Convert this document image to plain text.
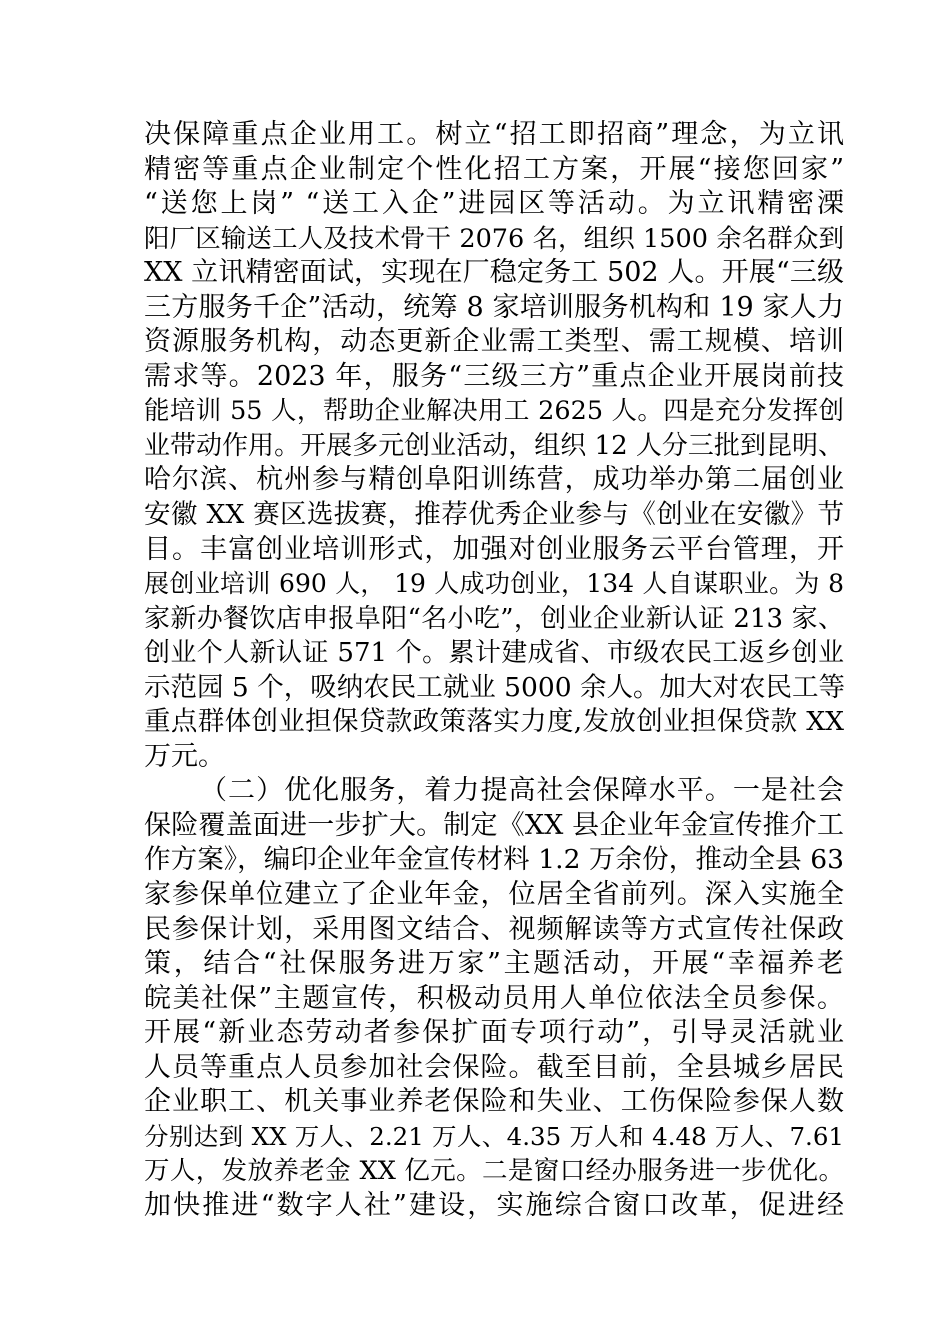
决保障重点企业用工。树立“招工即招商”理念，为立讯
精密等重点企业制定个性化招工方案，开展“接您回家”
“送您上岗” “送工入企”进园区等活动。为立讯精密溧
阳厂区输送工人及技术骨干 2076 名，组织 1500 余名群众到
XX 立讯精密面试，实现在厂稳定务工 502 人。开展“三级
三方服务千企”活动，统筹 8 家培训服务机构和 19 家人力
资源服务机构，动态更新企业需工类型、需工规模、培训
需求等。2023 年，服务“三级三方”重点企业开展岗前技
能培训 55 人，帮助企业解决用工 2625 人。四是充分发挥创
业带动作用。开展多元创业活动，组织 12 人分三批到昆明、
哈尔滨、杭州参与精创阜阳训练营，成功举办第二届创业
安徽 XX 赛区选拔赛，推荐优秀企业参与《创业在安徽》节
目。丰富创业培训形式，加强对创业服务云平台管理，开
展创业培训 690 人， 19 人成功创业，134 人自谋职业。为 8
家新办餐饮店申报阜阳“名小吃”，创业企业新认证 213 家、
创业个人新认证 571 个。累计建成省、市级农民工返乡创业
示范园 5 个，吸纳农民工就业 5000 余人。加大对农民工等
重点群体创业担保贷款政策落实力度,发放创业担保贷款 XX
万元。
（二）优化服务，着力提高社会保障水平。一是社会
保险覆盖面进一步扩大。制定《XX 县企业年金宣传推介工
作方案》，编印企业年金宣传材料 1.2 万余份，推动全县 63
家参保单位建立了企业年金，位居全省前列。深入实施全
民参保计划，采用图文结合、视频解读等方式宣传社保政
策，结合“社保服务进万家”主题活动，开展“幸福养老
皖美社保”主题宣传，积极动员用人单位依法全员参保。
开展“新业态劳动者参保扩面专项行动”，引导灵活就业
人员等重点人员参加社会保险。截至目前，全县城乡居民
企业职工、机关事业养老保险和失业、工伤保险参保人数
分别达到 XX 万人、2.21 万人、4.35 万人和 4.48 万人、7.61
万人，发放养老金 XX 亿元。二是窗口经办服务进一步优化。
加快推进“数字人社”建设，实施综合窗口改革，促进经
